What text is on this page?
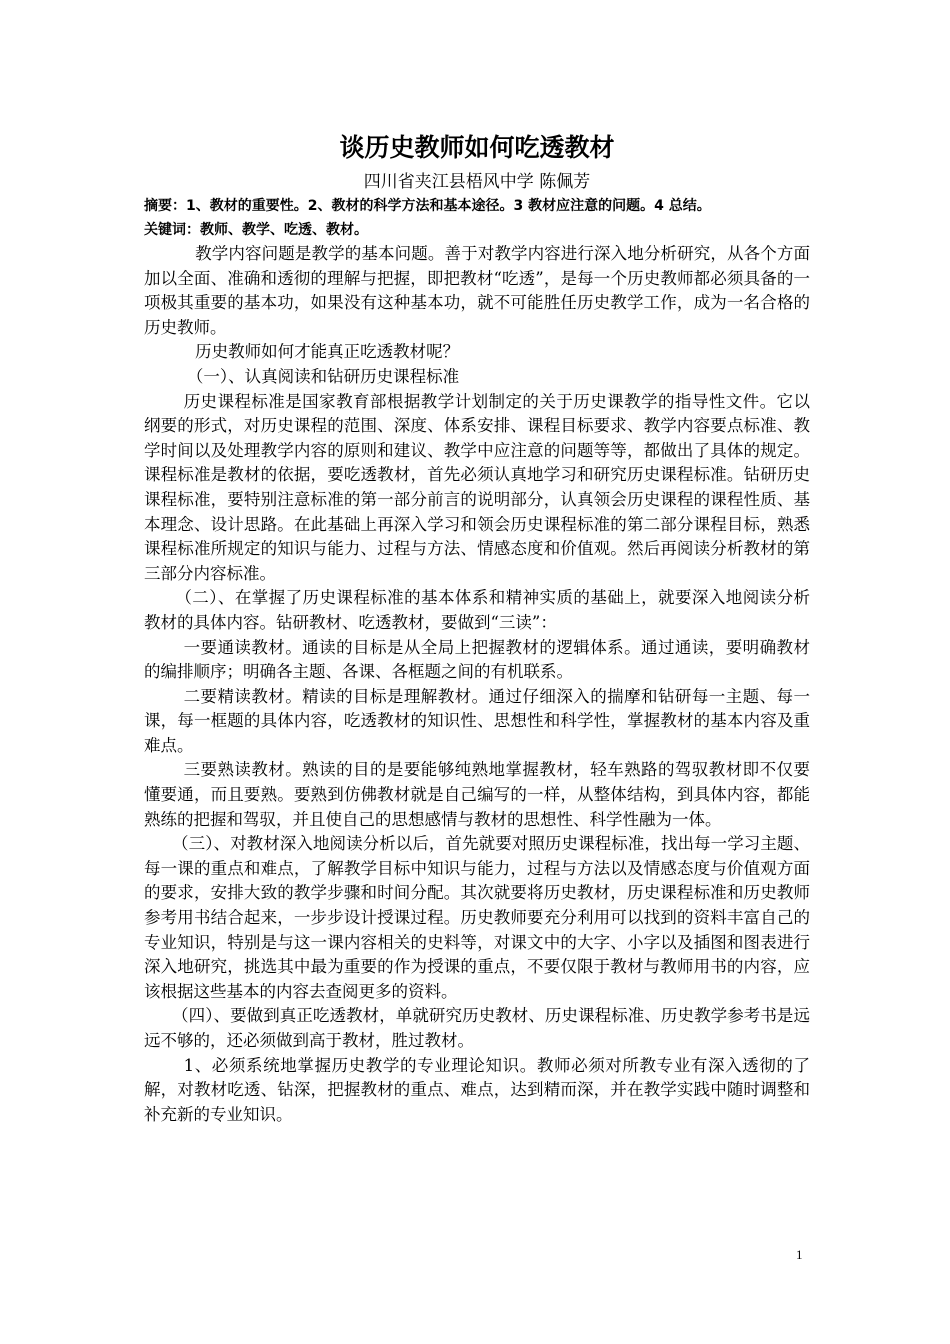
谈历史教师如何吃透教材

四川省夹江县梧风中学 陈佩芳

摘要：1、教材的重要性。2、教材的科学方法和基本途径。3 教材应注意的问题。4 总结。

关键词：教师、教学、吃透、教材。

教学内容问题是教学的基本问题。善于对教学内容进行深入地分析研究，从各个方面加以全面、准确和透彻的理解与把握，即把教材“吃透”，是每一个历史教师都必须具备的一项极其重要的基本功，如果没有这种基本功，就不可能胜任历史教学工作，成为一名合格的历史教师。

历史教师如何才能真正吃透教材呢？

（一）、认真阅读和钻研历史课程标准

历史课程标准是国家教育部根据教学计划制定的关于历史课教学的指导性文件。它以纲要的形式，对历史课程的范围、深度、体系安排、课程目标要求、教学内容要点标准、教学时间以及处理教学内容的原则和建议、教学中应注意的问题等等，都做出了具体的规定。课程标准是教材的依据，要吃透教材，首先必须认真地学习和研究历史课程标准。钻研历史课程标准，要特别注意标准的第一部分前言的说明部分，认真领会历史课程的课程性质、基本理念、设计思路。在此基础上再深入学习和领会历史课程标准的第二部分课程目标，熟悉课程标准所规定的知识与能力、过程与方法、情感态度和价值观。然后再阅读分析教材的第三部分内容标准。

（二）、在掌握了历史课程标准的基本体系和精神实质的基础上，就要深入地阅读分析教材的具体内容。钻研教材、吃透教材，要做到“三读”：

一要通读教材。通读的目标是从全局上把握教材的逻辑体系。通过通读，要明确教材的编排顺序；明确各主题、各课、各框题之间的有机联系。

二要精读教材。精读的目标是理解教材。通过仔细深入的揣摩和钻研每一主题、每一课，每一框题的具体内容，吃透教材的知识性、思想性和科学性，掌握教材的基本内容及重难点。

三要熟读教材。熟读的目的是要能够纯熟地掌握教材，轻车熟路的驾驭教材即不仅要懂要通，而且要熟。要熟到仿佛教材就是自己编写的一样，从整体结构，到具体内容，都能熟练的把握和驾驭，并且使自己的思想感情与教材的思想性、科学性融为一体。

（三）、对教材深入地阅读分析以后，首先就要对照历史课程标准，找出每一学习主题、每一课的重点和难点，了解教学目标中知识与能力，过程与方法以及情感态度与价值观方面的要求，安排大致的教学步骤和时间分配。其次就要将历史教材，历史课程标准和历史教师参考用书结合起来，一步步设计授课过程。历史教师要充分利用可以找到的资料丰富自己的专业知识，特别是与这一课内容相关的史料等，对课文中的大字、小字以及插图和图表进行深入地研究，挑选其中最为重要的作为授课的重点，不要仅限于教材与教师用书的内容，应该根据这些基本的内容去查阅更多的资料。

（四）、要做到真正吃透教材，单就研究历史教材、历史课程标准、历史教学参考书是远远不够的，还必须做到高于教材，胜过教材。

1、必须系统地掌握历史教学的专业理论知识。教师必须对所教专业有深入透彻的了解，对教材吃透、钻深，把握教材的重点、难点，达到精而深，并在教学实践中随时调整和补充新的专业知识。

1
